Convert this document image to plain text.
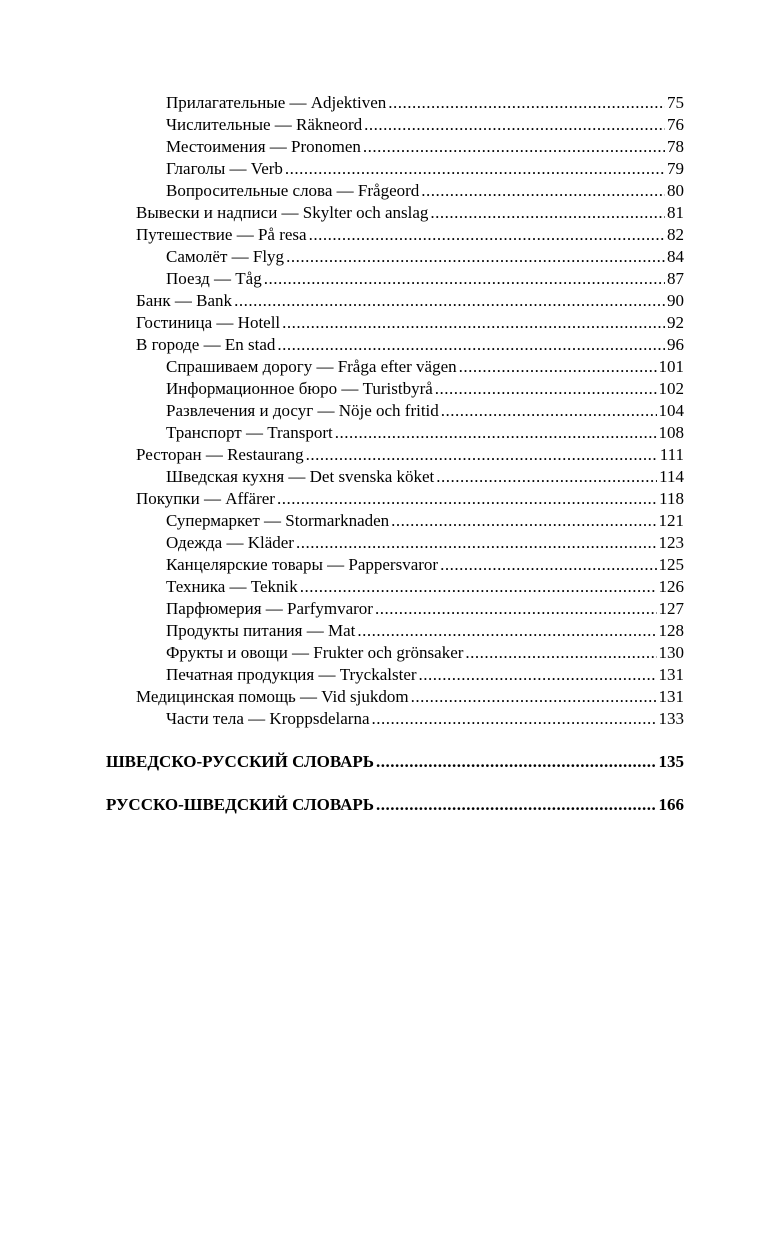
Прилагательные — Adjektiven .....	75
Числительные — Räkneord .....	76
Местоимения — Pronomen .....	78
Глаголы — Verb .....	79
Вопросительные слова — Frågeord .....	80
Вывески и надписи — Skylter och anslag .....	81
Путешествие — På resa .....	82
Самолёт — Flyg .....	84
Поезд — Tåg .....	87
Банк — Bank .....	90
Гостиница — Hotell .....	92
В городе — En stad .....	96
Спрашиваем дорогу — Fråga efter vägen .....	101
Информационное бюро — Turistbyrå .....	102
Развлечения и досуг — Nöje och fritid .....	104
Транспорт — Transport .....	108
Ресторан — Restaurang .....	111
Шведская кухня — Det svenska köket .....	114
Покупки — Affärer .....	118
Супермаркет — Stormarknaden .....	121
Одежда — Kläder .....	123
Канцелярские товары — Pappersvaror .....	125
Техника — Teknik .....	126
Парфюмерия — Parfymvaror .....	127
Продукты питания — Mat .....	128
Фрукты и овощи — Frukter och grönsaker .....	130
Печатная продукция — Tryckalster .....	131
Медицинская помощь — Vid sjukdom .....	131
Части тела — Kroppsdelarna .....	133
ШВЕДСКО-РУССКИЙ СЛОВАРЬ .....	135
РУССКО-ШВЕДСКИЙ СЛОВАРЬ .....	166
